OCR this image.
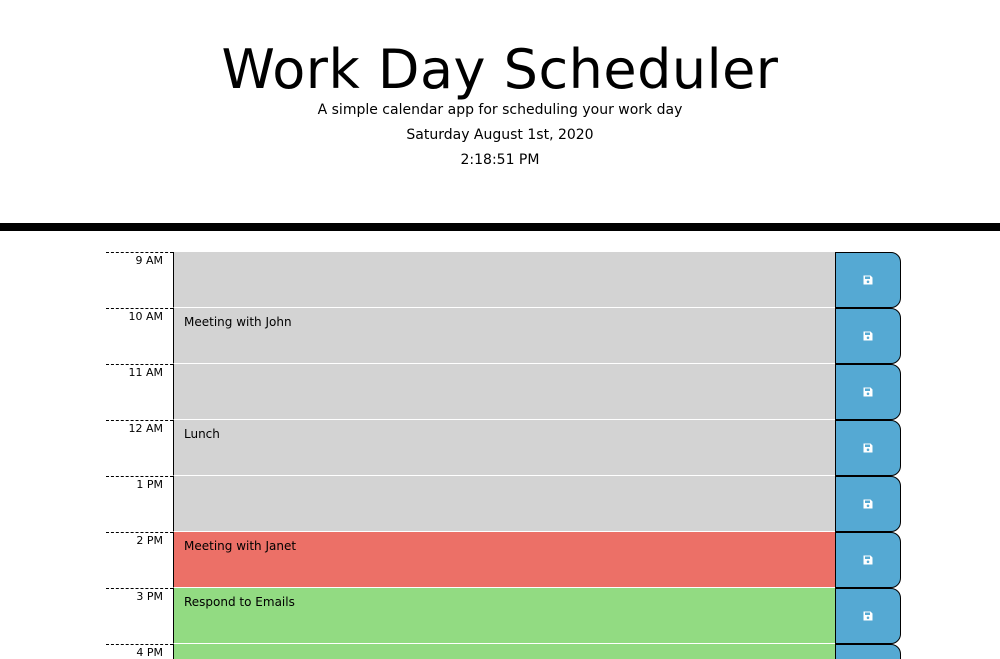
Work Day Scheduler

A simple calendar app for scheduling your work day

Saturday August 1st, 2020

2:18:51 PM

9 AM
10 AM	Meeting with John
11 AM
12 AM	Lunch
1 PM
2 PM	Meeting with Janet
3 PM	Respond to Emails
4 PM
